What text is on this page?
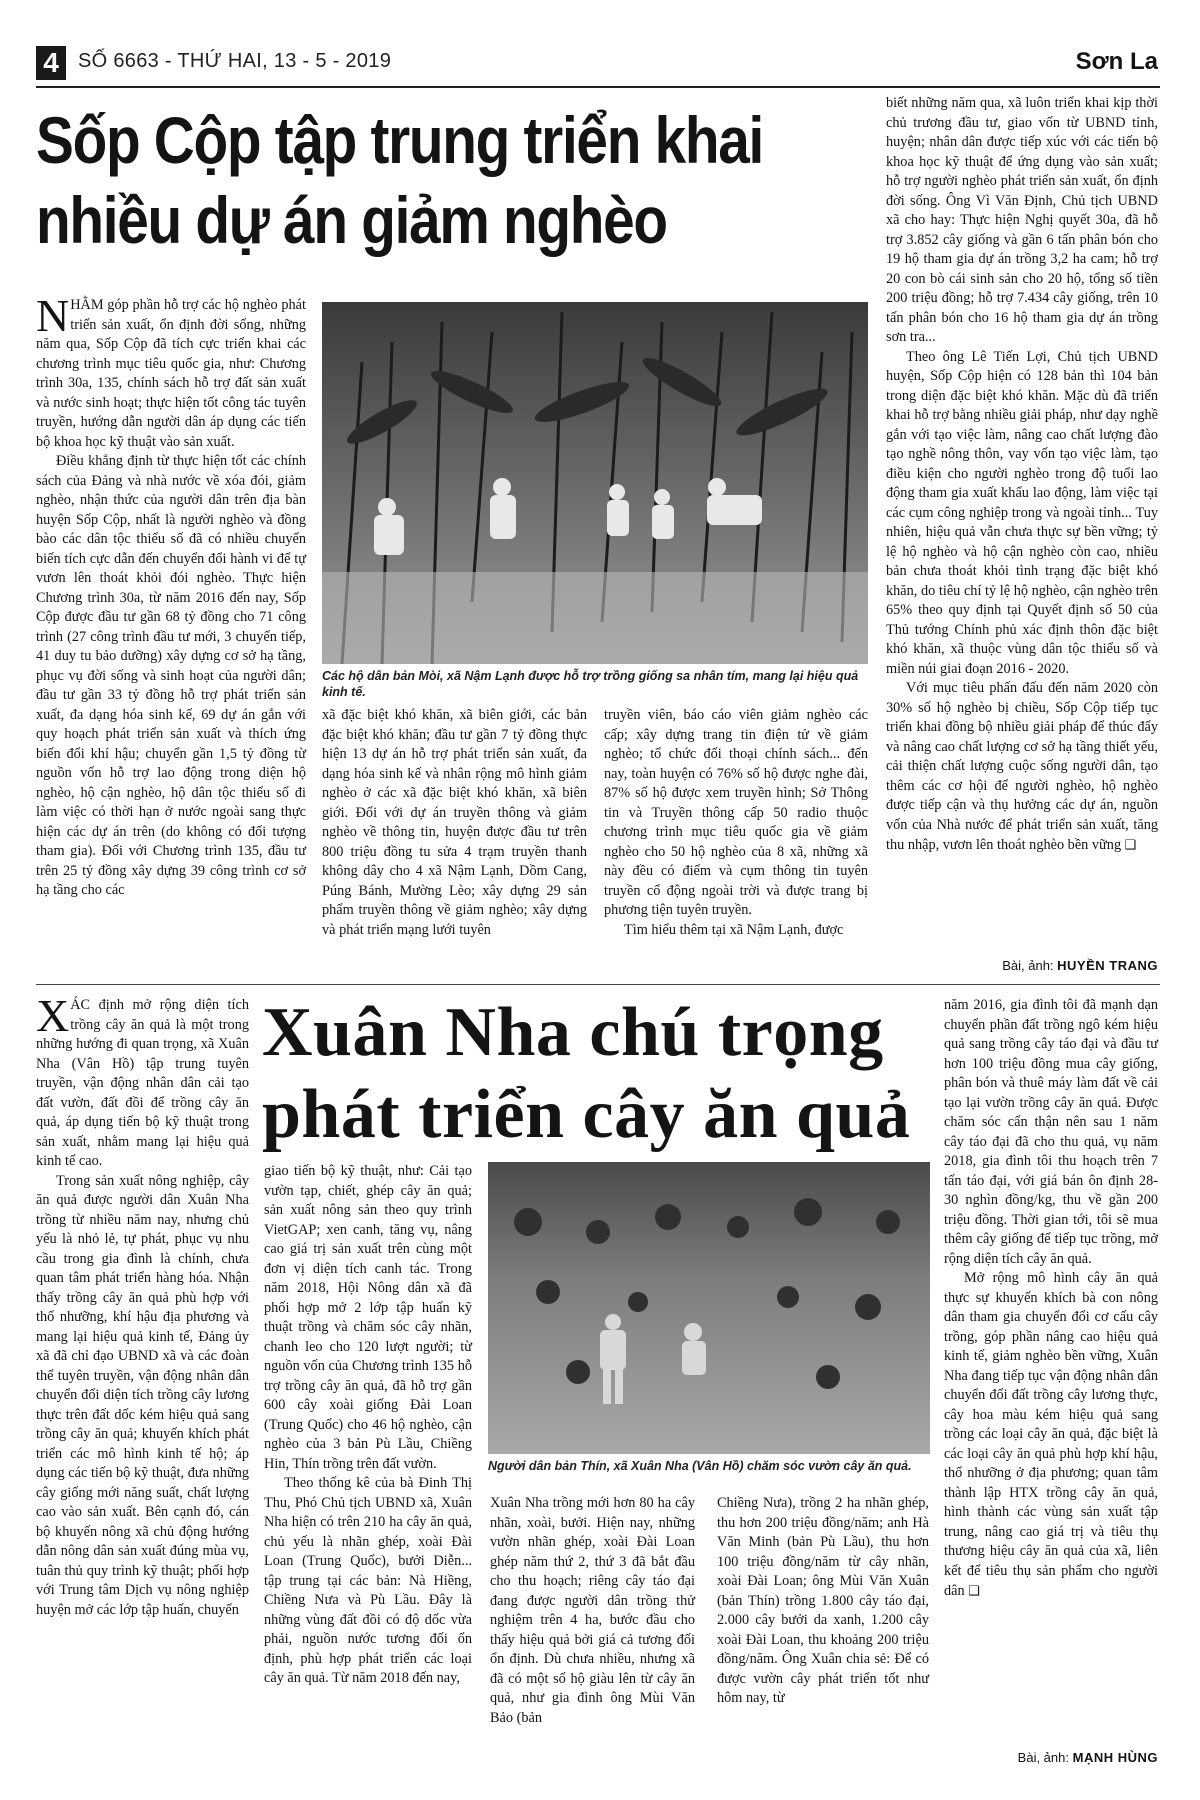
4 SỐ 6663 - THỨ HAI, 13 - 5 - 2019	Sơn La
Sốp Cộp tập trung triển khai nhiều dự án giảm nghèo

NHẰM góp phần hỗ trợ các hộ nghèo phát triển sản xuất, ổn định đời sống, những năm qua, Sốp Cộp đã tích cực triển khai các chương trình mục tiêu quốc gia, như: Chương trình 30a, 135, chính sách hỗ trợ đất sản xuất và nước sinh hoạt; thực hiện tốt công tác tuyên truyền, hướng dẫn người dân áp dụng các tiến bộ khoa học kỹ thuật vào sản xuất.

Điều khẳng định từ thực hiện tốt các chính sách của Đảng và nhà nước về xóa đói, giảm nghèo, nhận thức của người dân trên địa bàn huyện Sốp Cộp, nhất là người nghèo và đồng bào các dân tộc thiểu số đã có nhiều chuyển biến tích cực dẫn đến chuyển đổi hành vi để tự vươn lên thoát khỏi đói nghèo. Thực hiện Chương trình 30a, từ năm 2016 đến nay, Sốp Cộp được đầu tư gần 68 tỷ đồng cho 71 công trình (27 công trình đầu tư mới, 3 chuyển tiếp, 41 duy tu bảo dưỡng) xây dựng cơ sở hạ tầng, phục vụ đời sống và sinh hoạt của người dân; đầu tư gần 33 tỷ đồng hỗ trợ phát triển sản xuất, đa dạng hóa sinh kế, 69 dự án gắn với quy hoạch phát triển sản xuất và thích ứng biến đổi khí hậu; chuyển gần 1,5 tỷ đồng từ nguồn vốn hỗ trợ lao động trong diện hộ nghèo, hộ cận nghèo, hộ dân tộc thiểu số đi làm việc có thời hạn ở nước ngoài sang thực hiện các dự án trên (do không có đối tượng tham gia). Đối với Chương trình 135, đầu tư trên 25 tỷ đồng xây dựng 39 công trình cơ sở hạ tầng cho các

Các hộ dân bản Mòi, xã Nậm Lạnh được hỗ trợ trồng giống sa nhân tím, mang lại hiệu quả kinh tế.

xã đặc biệt khó khăn, xã biên giới, các bản đặc biệt khó khăn; đầu tư gần 7 tỷ đồng thực hiện 13 dự án hỗ trợ phát triển sản xuất, đa dạng hóa sinh kế và nhân rộng mô hình giảm nghèo ở các xã đặc biệt khó khăn, xã biên giới. Đối với dự án truyền thông và giảm nghèo về thông tin, huyện được đầu tư trên 800 triệu đồng tu sửa 4 trạm truyền thanh không dây cho 4 xã Nậm Lạnh, Dồm Cang, Púng Bánh, Mường Lèo; xây dựng 29 sản phẩm truyền thông về giảm nghèo; xây dựng và phát triển mạng lưới tuyên

truyền viên, báo cáo viên giảm nghèo các cấp; xây dựng trang tin điện tử về giảm nghèo; tổ chức đối thoại chính sách... đến nay, toàn huyện có 76% số hộ được nghe đài, 87% số hộ được xem truyền hình; Sở Thông tin và Truyền thông cấp 50 radio thuộc chương trình mục tiêu quốc gia về giảm nghèo cho 50 hộ nghèo của 8 xã, những xã này đều có điểm và cụm thông tin tuyên truyền cổ động ngoài trời và được trang bị phương tiện tuyên truyền.

Tìm hiểu thêm tại xã Nậm Lạnh, được

biết những năm qua, xã luôn triển khai kịp thời chủ trương đầu tư, giao vốn từ UBND tỉnh, huyện; nhân dân được tiếp xúc với các tiến bộ khoa học kỹ thuật để ứng dụng vào sản xuất; hỗ trợ người nghèo phát triển sản xuất, ổn định đời sống. Ông Vì Văn Định, Chủ tịch UBND xã cho hay: Thực hiện Nghị quyết 30a, đã hỗ trợ 3.852 cây giống và gần 6 tấn phân bón cho 19 hộ tham gia dự án trồng 3,2 ha cam; hỗ trợ 20 con bò cái sinh sản cho 20 hộ, tổng số tiền 200 triệu đồng; hỗ trợ 7.434 cây giống, trên 10 tấn phân bón cho 16 hộ tham gia dự án trồng sơn tra...

Theo ông Lê Tiến Lợi, Chủ tịch UBND huyện, Sốp Cộp hiện có 128 bản thì 104 bản trong diện đặc biệt khó khăn. Mặc dù đã triển khai hỗ trợ bằng nhiều giải pháp, như dạy nghề gắn với tạo việc làm, nâng cao chất lượng đào tạo nghề nông thôn, vay vốn tạo việc làm, tạo điều kiện cho người nghèo trong độ tuổi lao động tham gia xuất khẩu lao động, làm việc tại các cụm công nghiệp trong và ngoài tỉnh... Tuy nhiên, hiệu quả vẫn chưa thực sự bền vững; tỷ lệ hộ nghèo và hộ cận nghèo còn cao, nhiều bản chưa thoát khỏi tình trạng đặc biệt khó khăn, do tiêu chí tỷ lệ hộ nghèo, cận nghèo trên 65% theo quy định tại Quyết định số 50 của Thủ tướng Chính phủ xác định thôn đặc biệt khó khăn, xã thuộc vùng dân tộc thiểu số và miền núi giai đoạn 2016 - 2020.

Với mục tiêu phấn đấu đến năm 2020 còn 30% số hộ nghèo bị chiều, Sốp Cộp tiếp tục triển khai đồng bộ nhiều giải pháp để thúc đẩy và nâng cao chất lượng cơ sở hạ tầng thiết yếu, cải thiện chất lượng cuộc sống người dân, tạo thêm các cơ hội để người nghèo, hộ nghèo được tiếp cận và thụ hưởng các dự án, nguồn vốn của Nhà nước để phát triển sản xuất, tăng thu nhập, vươn lên thoát nghèo bền vững ❑

Bài, ảnh: HUYỀN TRANG

XÁC định mở rộng diện tích trồng cây ăn quả là một trong những hướng đi quan trọng, xã Xuân Nha (Vân Hồ) tập trung tuyên truyền, vận động nhân dân cải tạo đất vườn, đất đồi để trồng cây ăn quả, áp dụng tiến bộ kỹ thuật trong sản xuất, nhằm mang lại hiệu quả kinh tế cao.

Trong sản xuất nông nghiệp, cây ăn quả được người dân Xuân Nha trồng từ nhiều năm nay, nhưng chủ yếu là nhỏ lẻ, tự phát, phục vụ nhu cầu trong gia đình là chính, chưa quan tâm phát triển hàng hóa. Nhận thấy trồng cây ăn quả phù hợp với thổ nhưỡng, khí hậu địa phương và mang lại hiệu quả kinh tế, Đảng ủy xã đã chỉ đạo UBND xã và các đoàn thể tuyên truyền, vận động nhân dân chuyển đổi diện tích trồng cây lương thực trên đất dốc kém hiệu quả sang trồng cây ăn quả; khuyến khích phát triển các mô hình kinh tế hộ; áp dụng các tiến bộ kỹ thuật, đưa những cây giống mới năng suất, chất lượng cao vào sản xuất. Bên cạnh đó, cán bộ khuyến nông xã chủ động hướng dẫn nông dân sản xuất đúng mùa vụ, tuân thủ quy trình kỹ thuật; phối hợp với Trung tâm Dịch vụ nông nghiệp huyện mở các lớp tập huấn, chuyển

Xuân Nha chú trọng phát triển cây ăn quả

giao tiến bộ kỹ thuật, như: Cải tạo vườn tạp, chiết, ghép cây ăn quả; sản xuất nông sản theo quy trình VietGAP; xen canh, tăng vụ, nâng cao giá trị sản xuất trên cùng một đơn vị diện tích canh tác. Trong năm 2018, Hội Nông dân xã đã phối hợp mở 2 lớp tập huấn kỹ thuật trồng và chăm sóc cây nhãn, chanh leo cho 120 lượt người; từ nguồn vốn của Chương trình 135 hỗ trợ trồng cây ăn quả, đã hỗ trợ gần 600 cây xoài giống Đài Loan (Trung Quốc) cho 46 hộ nghèo, cận nghèo của 3 bản Pù Lầu, Chiềng Hin, Thín trồng trên đất vườn.

Theo thống kê của bà Đinh Thị Thu, Phó Chủ tịch UBND xã, Xuân Nha hiện có trên 210 ha cây ăn quả, chủ yếu là nhãn ghép, xoài Đài Loan (Trung Quốc), bưởi Diễn... tập trung tại các bản: Nà Hiềng, Chiềng Nưa và Pù Lầu. Đây là những vùng đất đồi có độ dốc vừa phải, nguồn nước tương đối ổn định, phù hợp phát triển các loại cây ăn quả. Từ năm 2018 đến nay,

Người dân bản Thín, xã Xuân Nha (Vân Hồ) chăm sóc vườn cây ăn quả.

Xuân Nha trồng mới hơn 80 ha cây nhãn, xoài, bưởi. Hiện nay, những vườn nhãn ghép, xoài Đài Loan ghép năm thứ 2, thứ 3 đã bắt đầu cho thu hoạch; riêng cây táo đại đang được người dân trồng thử nghiệm trên 4 ha, bước đầu cho thấy hiệu quả bởi giá cả tương đối ổn định. Dù chưa nhiều, nhưng xã đã có một số hộ giàu lên từ cây ăn quả, như gia đình ông Mùi Văn Bảo (bản

Chiềng Nưa), trồng 2 ha nhãn ghép, thu hơn 200 triệu đồng/năm; anh Hà Văn Minh (bản Pù Lầu), thu hơn 100 triệu đồng/năm từ cây nhãn, xoài Đài Loan; ông Mùi Văn Xuân (bản Thín) trồng 1.800 cây táo đại, 2.000 cây bưởi da xanh, 1.200 cây xoài Đài Loan, thu khoảng 200 triệu đồng/năm. Ông Xuân chia sẻ: Để có được vườn cây phát triển tốt như hôm nay, từ

năm 2016, gia đình tôi đã mạnh dạn chuyển phần đất trồng ngô kém hiệu quả sang trồng cây táo đại và đầu tư hơn 100 triệu đồng mua cây giống, phân bón và thuê máy làm đất về cải tạo lại vườn trồng cây ăn quả. Được chăm sóc cẩn thận nên sau 1 năm cây táo đại đã cho thu quả, vụ năm 2018, gia đình tôi thu hoạch trên 7 tấn táo đại, với giá bán ôn định 28-30 nghìn đồng/kg, thu về gần 200 triệu đồng. Thời gian tới, tôi sẽ mua thêm cây giống để tiếp tục trồng, mở rộng diện tích cây ăn quả.

Mở rộng mô hình cây ăn quả thực sự khuyến khích bà con nông dân tham gia chuyển đổi cơ cấu cây trồng, góp phần nâng cao hiệu quả kinh tế, giảm nghèo bền vững, Xuân Nha đang tiếp tục vận động nhân dân chuyển đổi đất trồng cây lương thực, cây hoa màu kém hiệu quả sang trồng các loại cây ăn quả, đặc biệt là các loại cây ăn quả phù hợp khí hậu, thổ nhưỡng ở địa phương; quan tâm thành lập HTX trồng cây ăn quả, hình thành các vùng sản xuất tập trung, nâng cao giá trị và tiêu thụ thương hiệu cây ăn quả của xã, liên kết để tiêu thụ sản phẩm cho người dân ❑

Bài, ảnh: MẠNH HÙNG
